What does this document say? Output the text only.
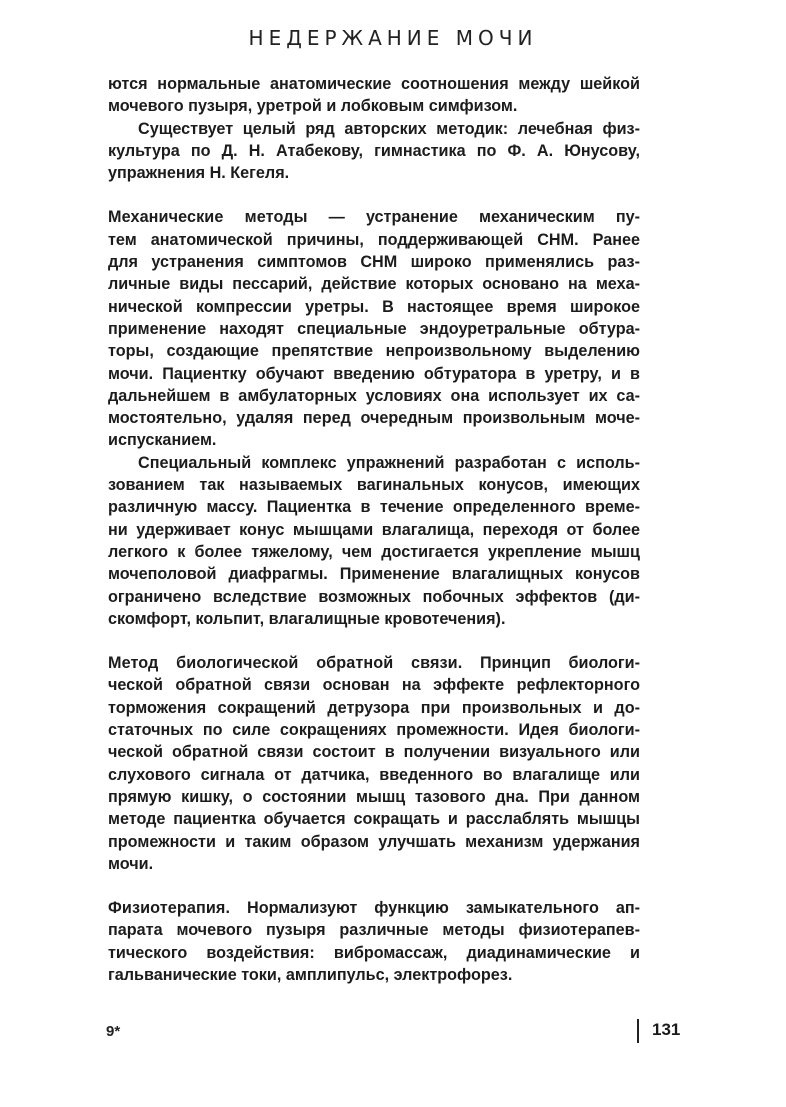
НЕДЕРЖАНИЕ МОЧИ

ются нормальные анатомические соотношения между шейкой
мочевого пузыря, уретрой и лобковым симфизом.

Существует целый ряд авторских методик: лечебная физ-
культура по Д. Н. Атабекову, гимнастика по Ф. А. Юнусову,
упражнения Н. Кегеля.

Механические методы — устранение механическим пу-
тем анатомической причины, поддерживающей СНМ. Ранее
для устранения симптомов СНМ широко применялись раз-
личные виды пессарий, действие которых основано на меха-
нической компрессии уретры. В настоящее время широкое
применение находят специальные эндоуретральные обтура-
торы, создающие препятствие непроизвольному выделению
мочи. Пациентку обучают введению обтуратора в уретру, и в
дальнейшем в амбулаторных условиях она использует их са-
мостоятельно, удаляя перед очередным произвольным моче-
испусканием.

Специальный комплекс упражнений разработан с исполь-
зованием так называемых вагинальных конусов, имеющих
различную массу. Пациентка в течение определенного време-
ни удерживает конус мышцами влагалища, переходя от более
легкого к более тяжелому, чем достигается укрепление мышц
мочеполовой диафрагмы. Применение влагалищных конусов
ограничено вследствие возможных побочных эффектов (ди-
скомфорт, кольпит, влагалищные кровотечения).

Метод биологической обратной связи. Принцип биологи-
ческой обратной связи основан на эффекте рефлекторного
торможения сокращений детрузора при произвольных и до-
статочных по силе сокращениях промежности. Идея биологи-
ческой обратной связи состоит в получении визуального или
слухового сигнала от датчика, введенного во влагалище или
прямую кишку, о состоянии мышц тазового дна. При данном
методе пациентка обучается сокращать и расслаблять мышцы
промежности и таким образом улучшать механизм удержания
мочи.

Физиотерапия. Нормализуют функцию замыкательного ап-
парата мочевого пузыря различные методы физиотерапев-
тического воздействия: вибромассаж, диадинамические и
гальванические токи, амплипульс, электрофорез.

9*	131
